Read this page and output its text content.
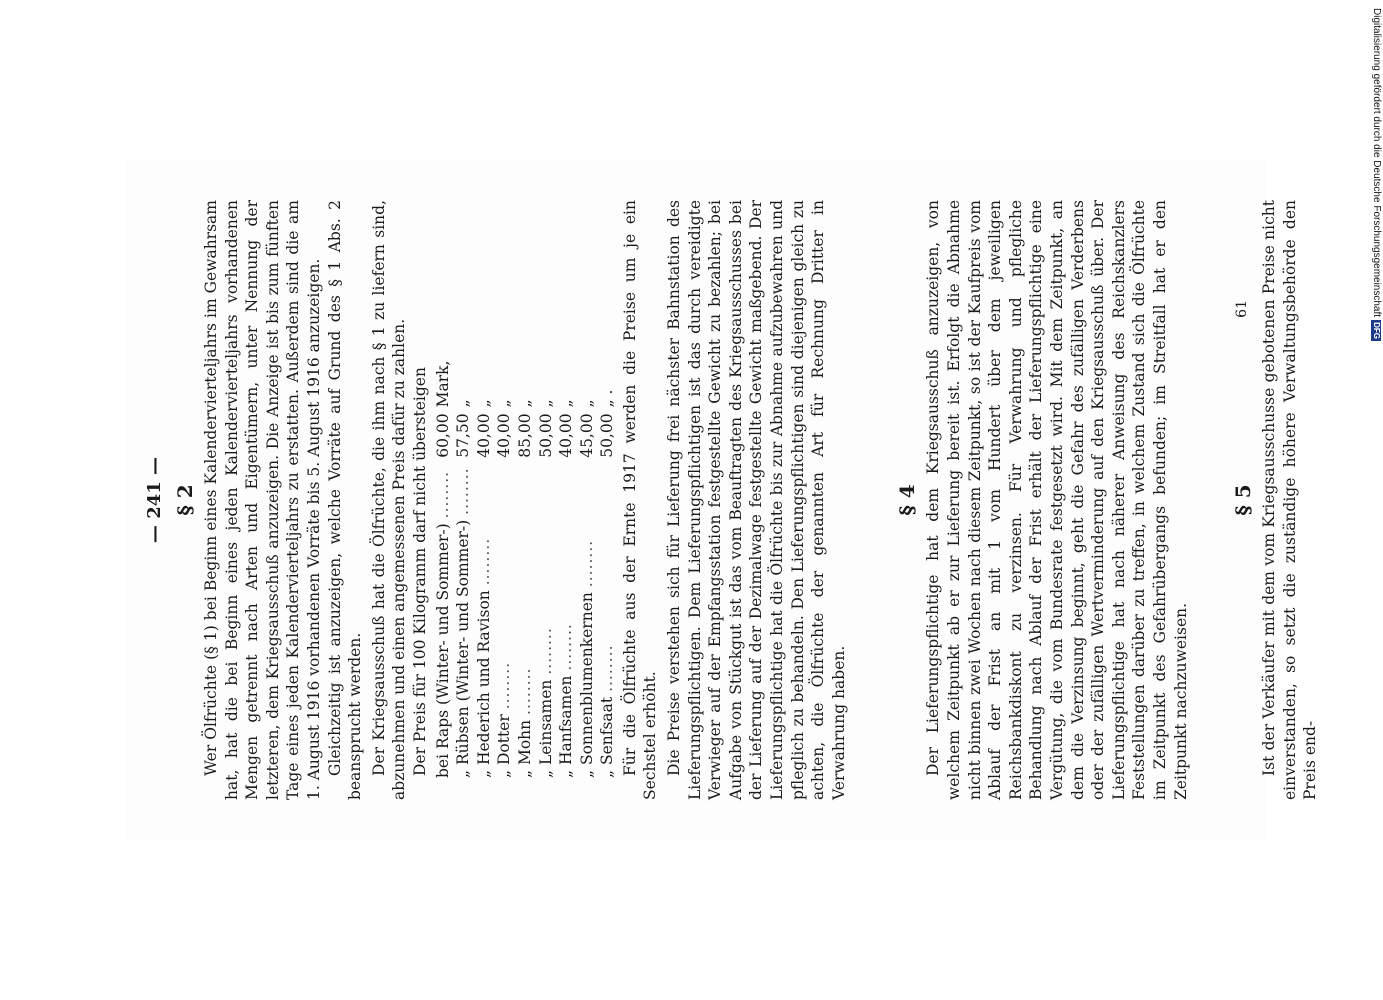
— 241 — § 2 Wer Ölfrüchte (§ 1) bei Beginn eines Kalendervierteljahrs im Gewahrsam hat, hat die bei Beginn eines jeden Kalendervierteljahrs vorhandenen Mengen getrennt nach Arten und Eigentümern, unter Nennung der letzteren, dem Kriegsausschuß anzuzeigen. Die Anzeige ist bis zum fünften Tage eines jeden Kalendervierteljahrs zu erstatten. Außerdem sind die am 1. August 1916 vorhandenen Vorräte bis 5. August 1916 anzuzeigen. Gleichzeitig ist anzuzeigen, welche Vorräte auf Grund des § 1 Abs. 2 beansprucht werden. Der Kriegsausschuß hat die Ölfrüchte, die ihm nach § 1 zu liefern sind, abzunehmen und einen angemessenen Preis dafür zu zahlen. Der Preis für 100 Kilogramm darf nicht übersteigen bei Raps (Winter- und Sommer-) ........	60,00	Mark,
„ Rübsen (Winter- und Sommer-) ........	57,50	„
„ Hederich und Ravison ........	40,00	„
„ Dotter ........	40,00	„
„ Mohn ........	85,00	„
„ Leinsamen ........	50,00	„
„ Hanfsamen ........	40,00	„
„ Sonnenblumenkernen ........	45,00	„
„ Senfsaat ........	50,00	„ . Für die Ölfrüchte aus der Ernte 1917 werden die Preise um je ein Sechstel erhöht. Die Preise verstehen sich für Lieferung frei nächster Bahnstation des Lieferungspflichtigen. Dem Lieferungspflichtigen ist das durch vereidigte Verwieger auf der Empfangsstation festgestellte Gewicht zu bezahlen; bei Aufgabe von Stückgut ist das vom Beauftragten des Kriegsausschusses bei der Lieferung auf der Dezimalwage festgestellte Gewicht maßgebend. Der Lieferungspflichtige hat die Ölfrüchte bis zur Abnahme aufzubewahren und pfleglich zu behandeln. Den Lieferungspflichtigen sind diejenigen gleich zu achten, die Ölfrüchte der genannten Art für Rechnung Dritter in Verwahrung haben.

§ 4 Der Lieferungspflichtige hat dem Kriegsausschuß anzuzeigen, von welchem Zeitpunkt ab er zur Lieferung bereit ist. Erfolgt die Abnahme nicht binnen zwei Wochen nach diesem Zeitpunkt, so ist der Kaufpreis vom Ablauf der Frist an mit 1 vom Hundert über dem jeweiligen Reichsbankdiskont zu verzinsen. Für Verwahrung und pflegliche Behandlung nach Ablauf der Frist erhält der Lieferungspflichtige eine Vergütung, die vom Bundesrate festgesetzt wird. Mit dem Zeitpunkt, an dem die Verzinsung beginnt, geht die Gefahr des zufälligen Verderbens oder der zufälligen Wertverminderung auf den Kriegsausschuß über. Der Lieferungspflichtige hat nach näherer Anweisung des Reichskanzlers Feststellungen darüber zu treffen, in welchem Zustand sich die Ölfrüchte im Zeitpunkt des Gefahrübergangs befunden; im Streitfall hat er den Zeitpunkt nachzuweisen.

§ 5 Ist der Verkäufer mit dem vom Kriegsausschusse gebotenen Preise nicht einverstanden, so setzt die zuständige höhere Verwaltungsbehörde den Preis end-

61	Digitalisierung gefördert durch die Deutsche ForschungsgemeinschaftDFG
